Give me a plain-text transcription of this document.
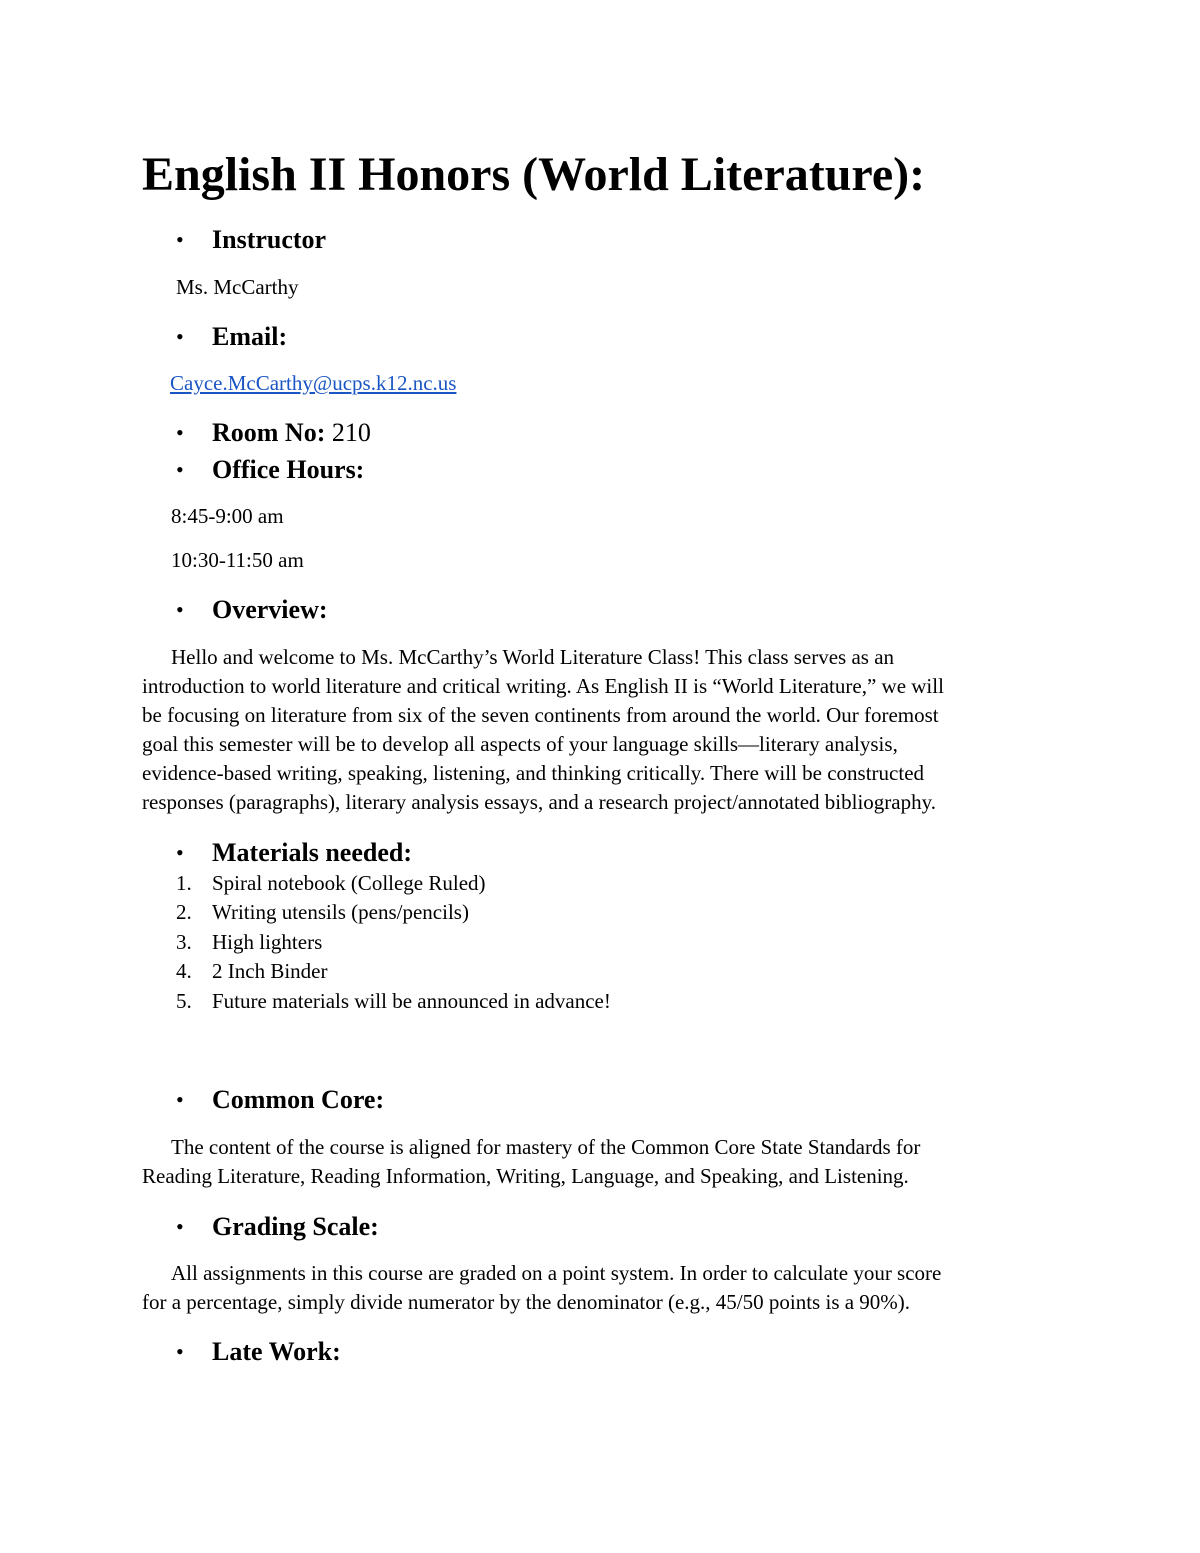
English II Honors (World Literature):
• Instructor
Ms. McCarthy
• Email:
Cayce.McCarthy@ucps.k12.nc.us
• Room No: 210
• Office Hours:
8:45-9:00 am
10:30-11:50 am
• Overview:
Hello and welcome to Ms. McCarthy’s World Literature Class! This class serves as an
introduction to world literature and critical writing. As English II is “World Literature,” we will
be focusing on literature from six of the seven continents from around the world. Our foremost
goal this semester will be to develop all aspects of your language skills—literary analysis,
evidence-based writing, speaking, listening, and thinking critically. There will be constructed
responses (paragraphs), literary analysis essays, and a research project/annotated bibliography.
• Materials needed:
1. Spiral notebook (College Ruled)
2. Writing utensils (pens/pencils)
3. High lighters
4. 2 Inch Binder
5. Future materials will be announced in advance!
• Common Core:
The content of the course is aligned for mastery of the Common Core State Standards for
Reading Literature, Reading Information, Writing, Language, and Speaking, and Listening.
• Grading Scale:
All assignments in this course are graded on a point system. In order to calculate your score
for a percentage, simply divide numerator by the denominator (e.g., 45/50 points is a 90%).
• Late Work:
